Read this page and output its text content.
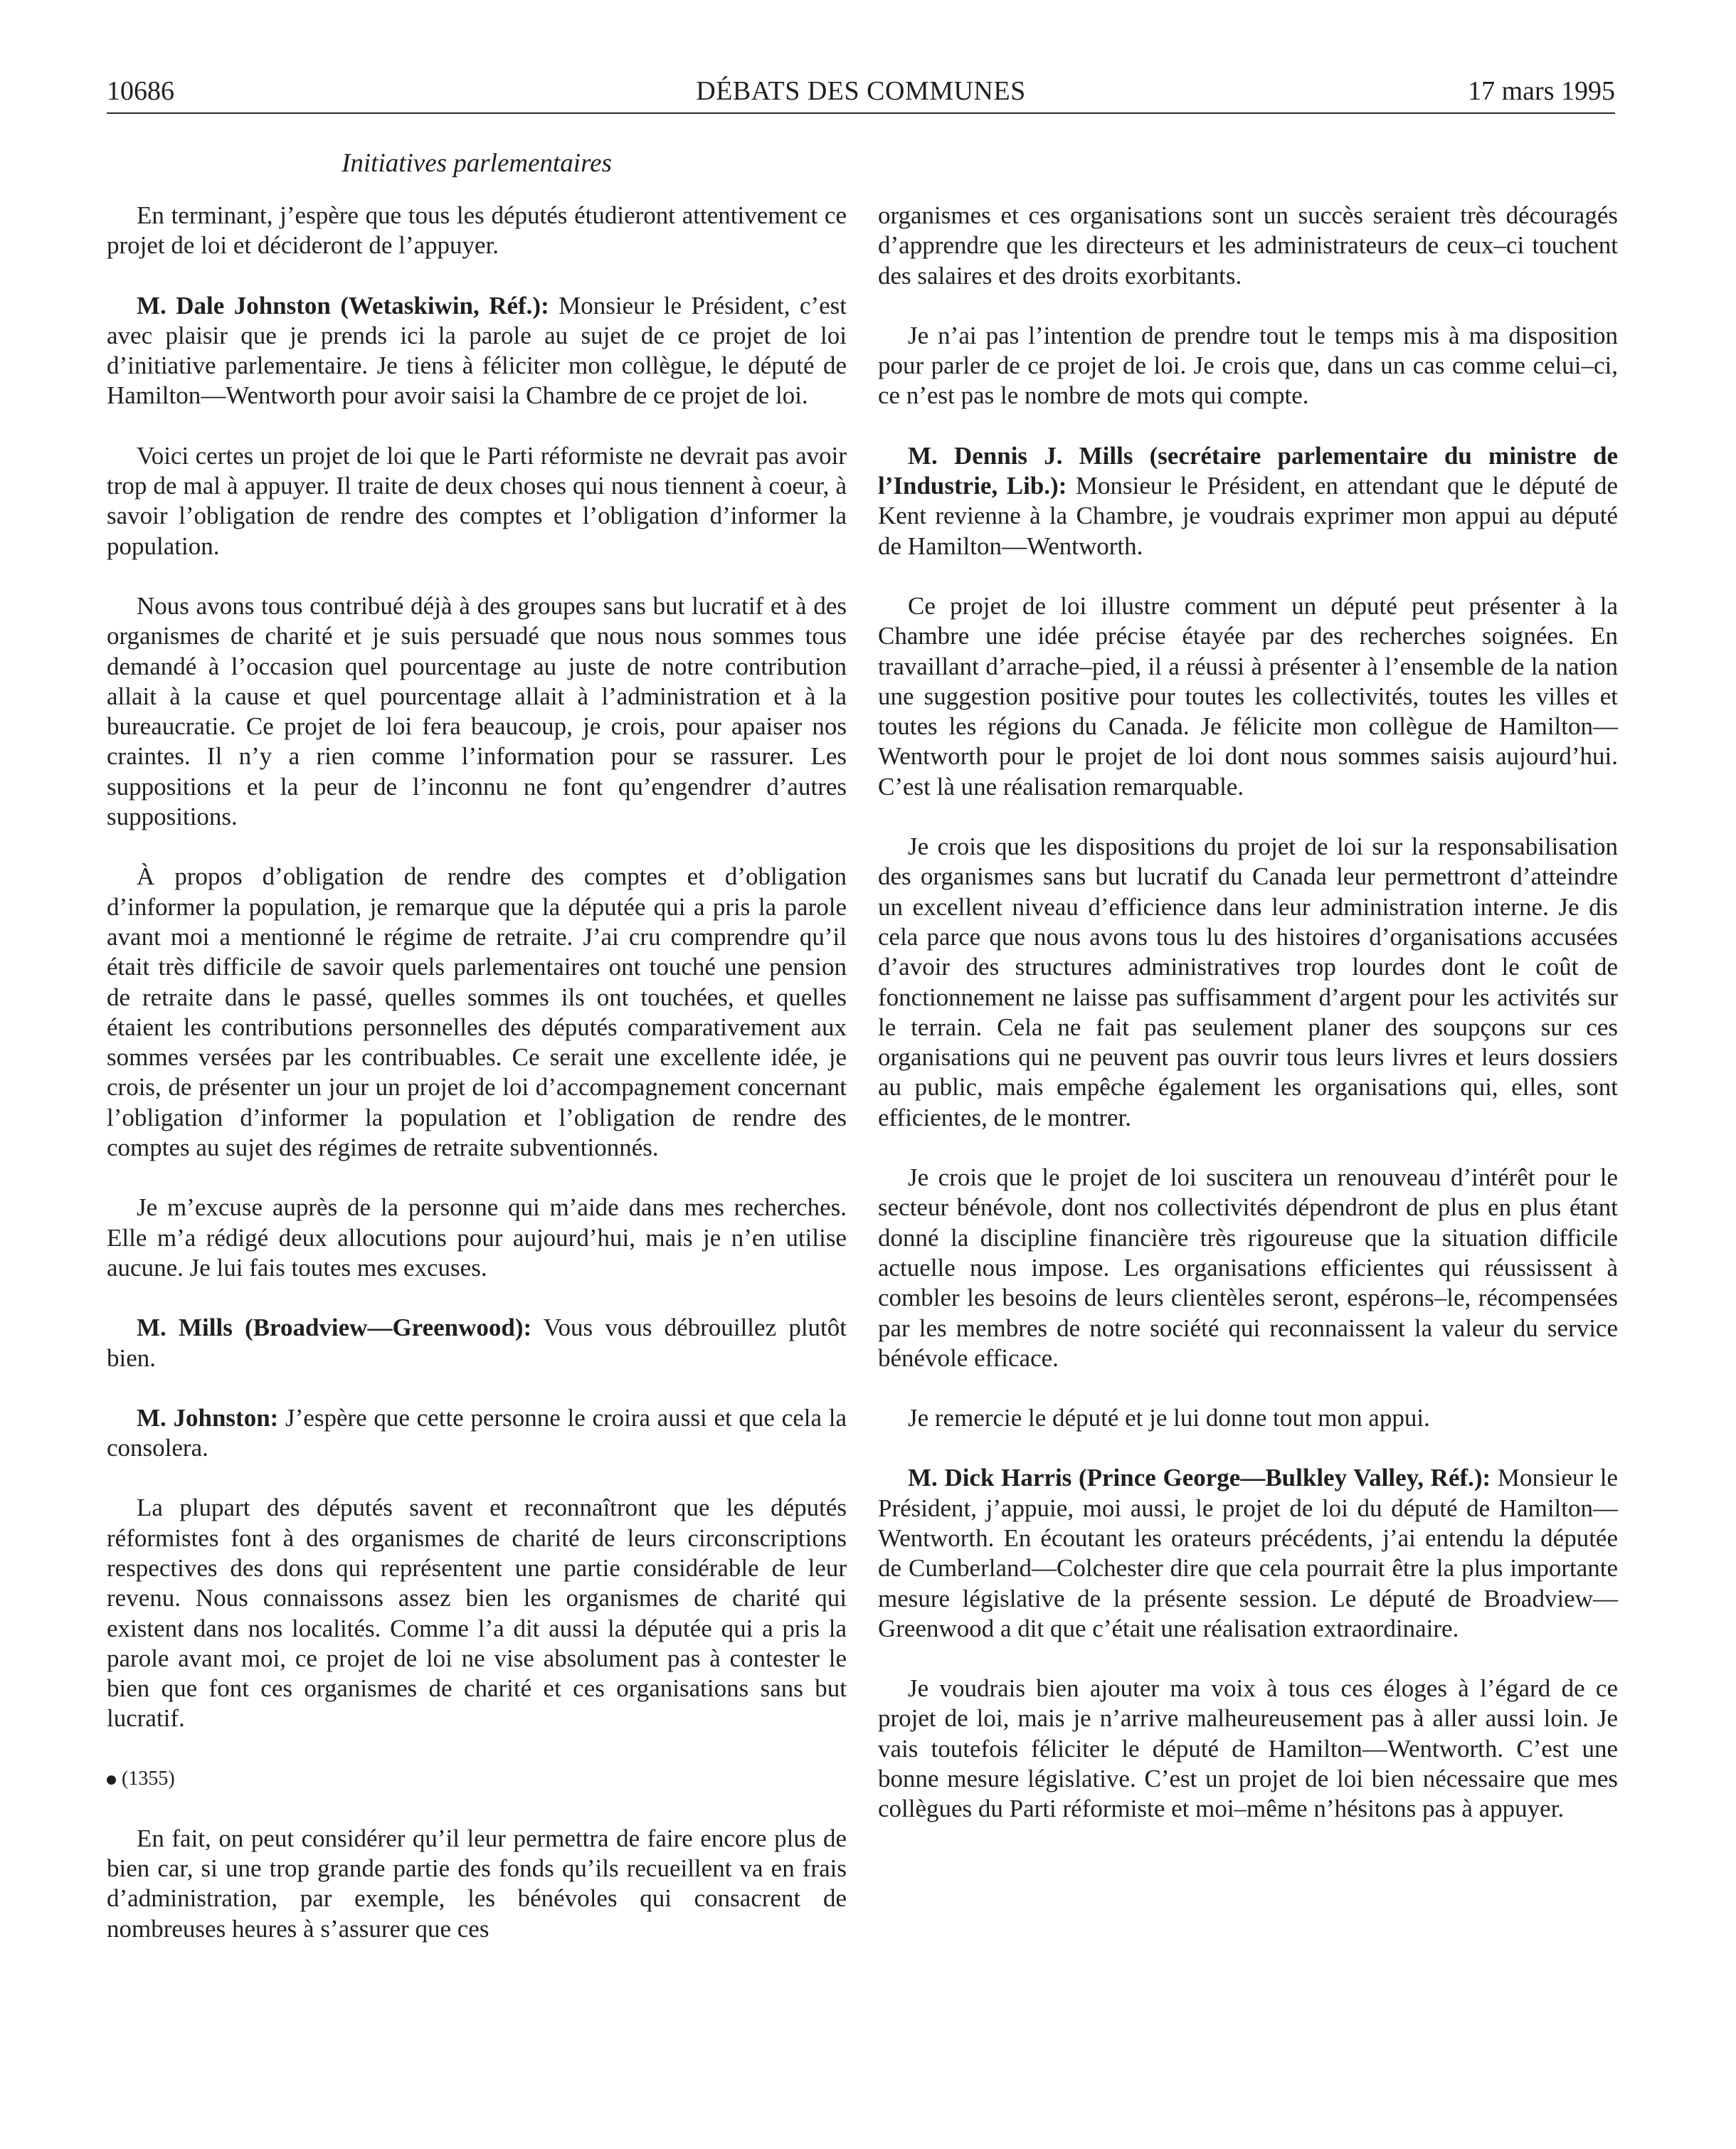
10686	DÉBATS DES COMMUNES	17 mars 1995
Initiatives parlementaires

En terminant, j’espère que tous les députés étudieront attentivement ce projet de loi et décideront de l’appuyer.

M. Dale Johnston (Wetaskiwin, Réf.): Monsieur le Président, c’est avec plaisir que je prends ici la parole au sujet de ce projet de loi d’initiative parlementaire. Je tiens à féliciter mon collègue, le député de Hamilton—Wentworth pour avoir saisi la Chambre de ce projet de loi.

Voici certes un projet de loi que le Parti réformiste ne devrait pas avoir trop de mal à appuyer. Il traite de deux choses qui nous tiennent à coeur, à savoir l’obligation de rendre des comptes et l’obligation d’informer la population.

Nous avons tous contribué déjà à des groupes sans but lucratif et à des organismes de charité et je suis persuadé que nous nous sommes tous demandé à l’occasion quel pourcentage au juste de notre contribution allait à la cause et quel pourcentage allait à l’administration et à la bureaucratie. Ce projet de loi fera beaucoup, je crois, pour apaiser nos craintes. Il n’y a rien comme l’information pour se rassurer. Les suppositions et la peur de l’inconnu ne font qu’engendrer d’autres suppositions.

À propos d’obligation de rendre des comptes et d’obligation d’informer la population, je remarque que la députée qui a pris la parole avant moi a mentionné le régime de retraite. J’ai cru comprendre qu’il était très difficile de savoir quels parlementaires ont touché une pension de retraite dans le passé, quelles sommes ils ont touchées, et quelles étaient les contributions personnelles des députés comparativement aux sommes versées par les contribuables. Ce serait une excellente idée, je crois, de présenter un jour un projet de loi d’accompagnement concernant l’obligation d’informer la population et l’obligation de rendre des comptes au sujet des régimes de retraite subventionnés.

Je m’excuse auprès de la personne qui m’aide dans mes recherches. Elle m’a rédigé deux allocutions pour aujourd’hui, mais je n’en utilise aucune. Je lui fais toutes mes excuses.

M. Mills (Broadview—Greenwood): Vous vous débrouillez plutôt bien.

M. Johnston: J’espère que cette personne le croira aussi et que cela la consolera.

La plupart des députés savent et reconnaîtront que les députés réformistes font à des organismes de charité de leurs circonscriptions respectives des dons qui représentent une partie considérable de leur revenu. Nous connaissons assez bien les organismes de charité qui existent dans nos localités. Comme l’a dit aussi la députée qui a pris la parole avant moi, ce projet de loi ne vise absolument pas à contester le bien que font ces organismes de charité et ces organisations sans but lucratif.

(1355)

En fait, on peut considérer qu’il leur permettra de faire encore plus de bien car, si une trop grande partie des fonds qu’ils recueillent va en frais d’administration, par exemple, les bénévoles qui consacrent de nombreuses heures à s’assurer que ces

organismes et ces organisations sont un succès seraient très découragés d’apprendre que les directeurs et les administrateurs de ceux–ci touchent des salaires et des droits exorbitants.

Je n’ai pas l’intention de prendre tout le temps mis à ma disposition pour parler de ce projet de loi. Je crois que, dans un cas comme celui–ci, ce n’est pas le nombre de mots qui compte.

M. Dennis J. Mills (secrétaire parlementaire du ministre de l’Industrie, Lib.): Monsieur le Président, en attendant que le député de Kent revienne à la Chambre, je voudrais exprimer mon appui au député de Hamilton—Wentworth.

Ce projet de loi illustre comment un député peut présenter à la Chambre une idée précise étayée par des recherches soignées. En travaillant d’arrache–pied, il a réussi à présenter à l’ensemble de la nation une suggestion positive pour toutes les collectivités, toutes les villes et toutes les régions du Canada. Je félicite mon collègue de Hamilton—Wentworth pour le projet de loi dont nous sommes saisis aujourd’hui. C’est là une réalisation remarquable.

Je crois que les dispositions du projet de loi sur la responsabilisation des organismes sans but lucratif du Canada leur permettront d’atteindre un excellent niveau d’efficience dans leur administration interne. Je dis cela parce que nous avons tous lu des histoires d’organisations accusées d’avoir des structures administratives trop lourdes dont le coût de fonctionnement ne laisse pas suffisamment d’argent pour les activités sur le terrain. Cela ne fait pas seulement planer des soupçons sur ces organisations qui ne peuvent pas ouvrir tous leurs livres et leurs dossiers au public, mais empêche également les organisations qui, elles, sont efficientes, de le montrer.

Je crois que le projet de loi suscitera un renouveau d’intérêt pour le secteur bénévole, dont nos collectivités dépendront de plus en plus étant donné la discipline financière très rigoureuse que la situation difficile actuelle nous impose. Les organisations efficientes qui réussissent à combler les besoins de leurs clientèles seront, espérons–le, récompensées par les membres de notre société qui reconnaissent la valeur du service bénévole efficace.

Je remercie le député et je lui donne tout mon appui.

M. Dick Harris (Prince George—Bulkley Valley, Réf.): Monsieur le Président, j’appuie, moi aussi, le projet de loi du député de Hamilton—Wentworth. En écoutant les orateurs précédents, j’ai entendu la députée de Cumberland—Colchester dire que cela pourrait être la plus importante mesure législative de la présente session. Le député de Broadview—Greenwood a dit que c’était une réalisation extraordinaire.

Je voudrais bien ajouter ma voix à tous ces éloges à l’égard de ce projet de loi, mais je n’arrive malheureusement pas à aller aussi loin. Je vais toutefois féliciter le député de Hamilton—Wentworth. C’est une bonne mesure législative. C’est un projet de loi bien nécessaire que mes collègues du Parti réformiste et moi–même n’hésitons pas à appuyer.
